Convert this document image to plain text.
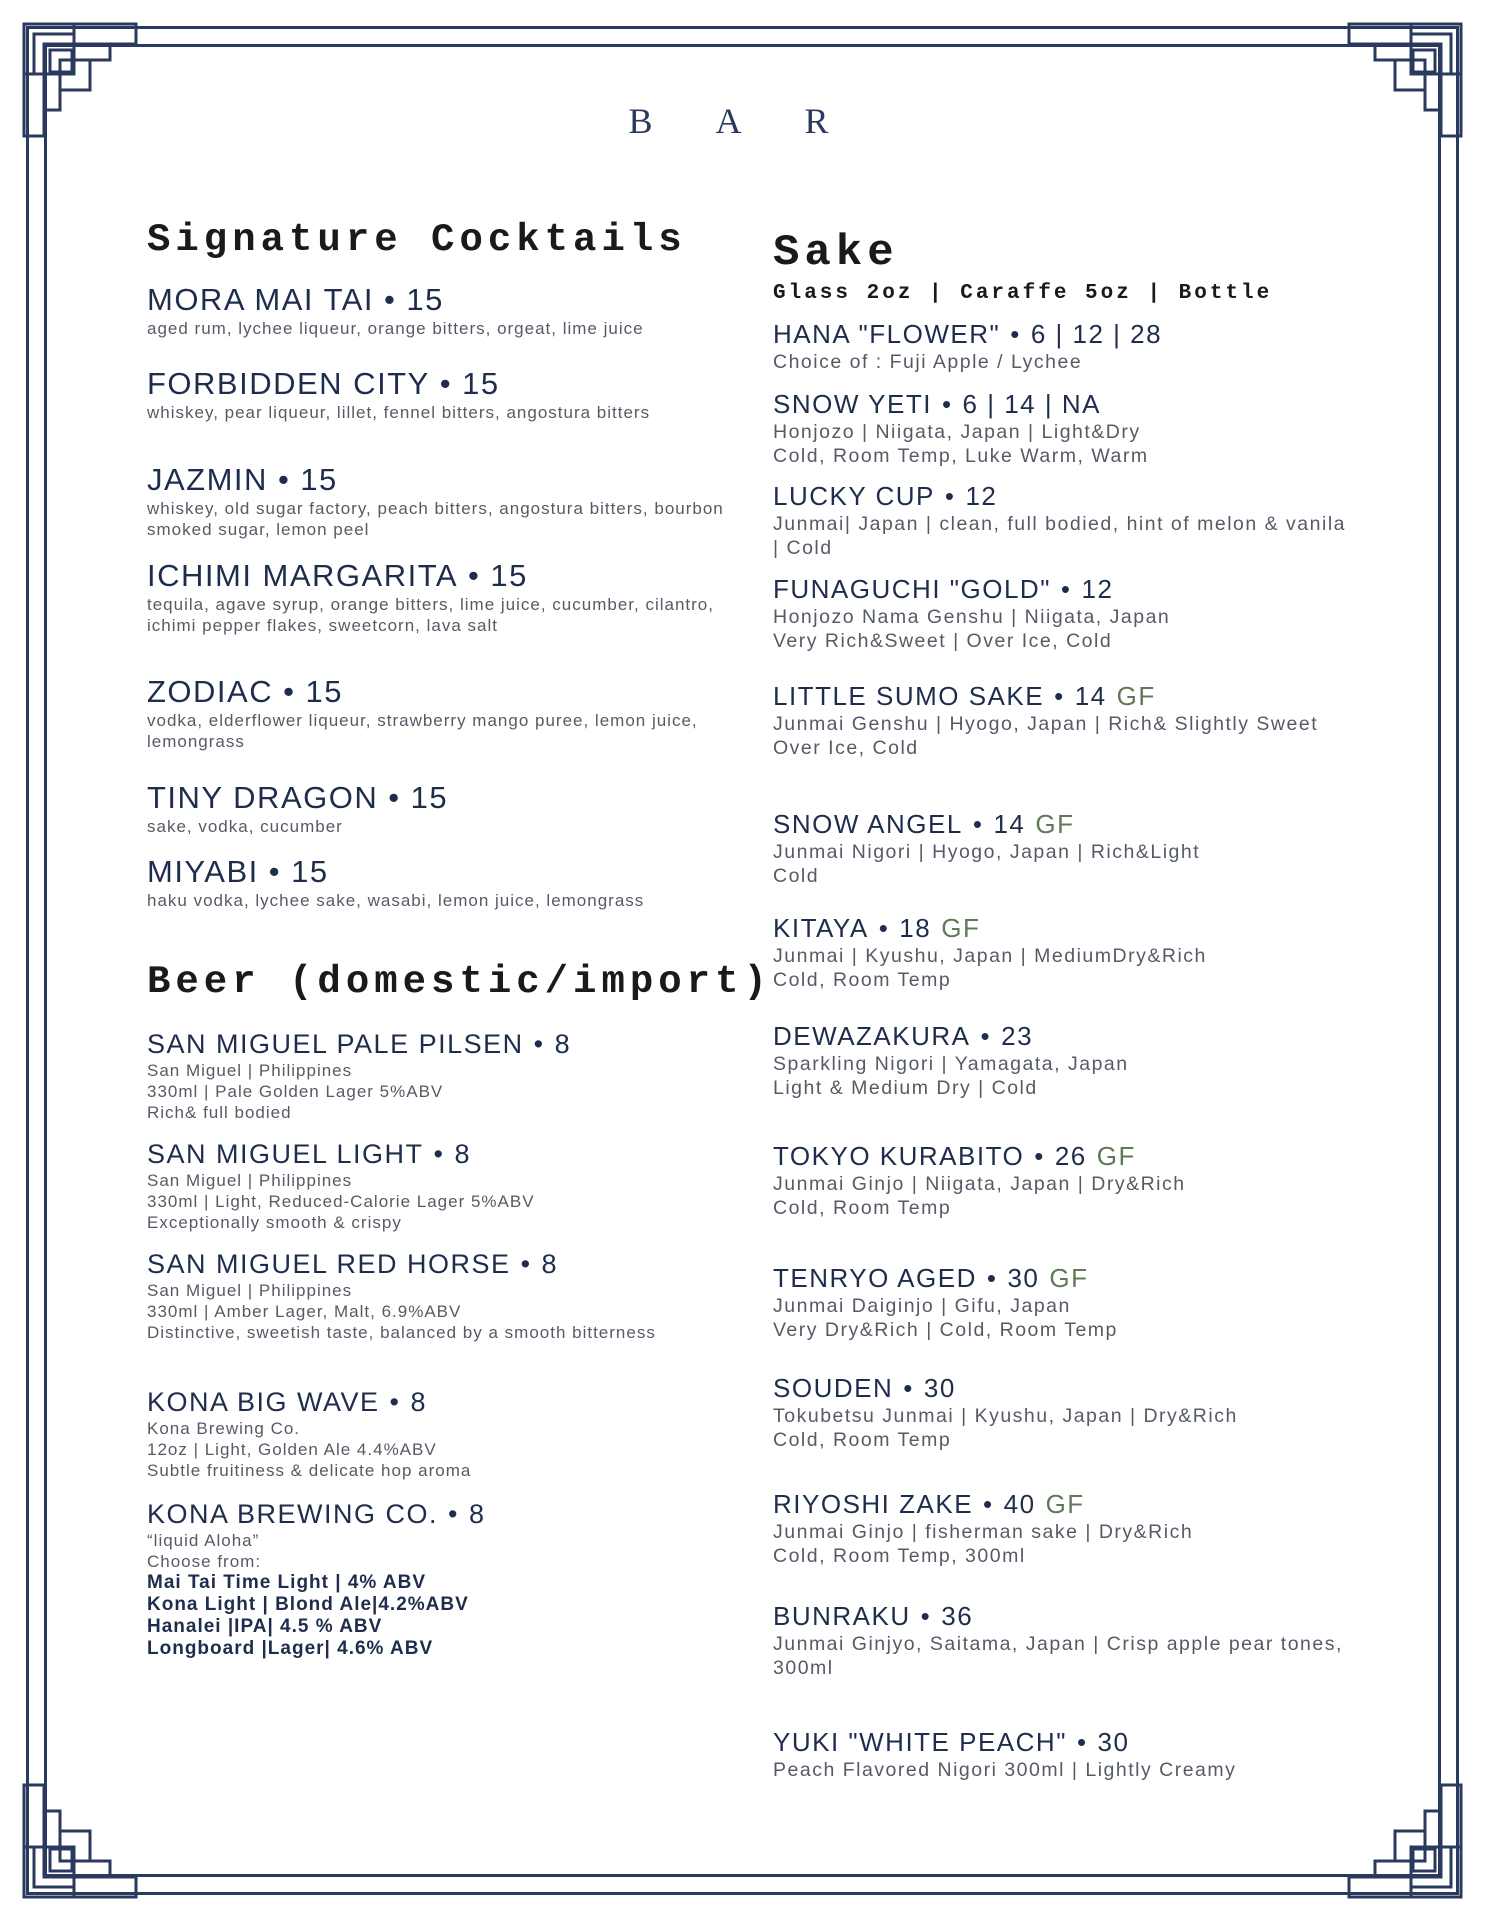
B A R
Signature Cocktails
MORA MAI TAI • 15
aged rum, lychee liqueur, orange bitters, orgeat, lime juice
FORBIDDEN CITY • 15
whiskey, pear liqueur, lillet, fennel bitters, angostura bitters
JAZMIN • 15
whiskey, old sugar factory, peach bitters, angostura bitters, bourbon smoked sugar, lemon peel
ICHIMI MARGARITA • 15
tequila, agave syrup, orange bitters, lime juice, cucumber, cilantro, ichimi pepper flakes, sweetcorn, lava salt
ZODIAC • 15
vodka, elderflower liqueur, strawberry mango puree, lemon juice, lemongrass
TINY DRAGON • 15
sake, vodka, cucumber
MIYABI • 15
haku vodka, lychee sake, wasabi, lemon juice, lemongrass
Beer (domestic/import)
SAN MIGUEL PALE PILSEN • 8
San Miguel | Philippines
330ml | Pale Golden Lager 5%ABV
Rich& full bodied
SAN MIGUEL LIGHT • 8
San Miguel | Philippines
330ml | Light, Reduced-Calorie Lager 5%ABV
Exceptionally smooth & crispy
SAN MIGUEL RED HORSE • 8
San Miguel | Philippines
330ml | Amber Lager, Malt, 6.9%ABV
Distinctive, sweetish taste, balanced by a smooth bitterness
KONA BIG WAVE • 8
Kona Brewing Co.
12oz | Light, Golden Ale 4.4%ABV
Subtle fruitiness & delicate hop aroma
KONA BREWING CO. • 8
“liquid Aloha”
Choose from:
Mai Tai Time Light | 4% ABV
Kona Light | Blond Ale|4.2%ABV
Hanalei |IPA| 4.5 % ABV
Longboard |Lager| 4.6% ABV
Sake
Glass 2oz | Caraffe 5oz | Bottle
HANA "FLOWER" • 6 | 12 | 28
Choice of : Fuji Apple / Lychee
SNOW YETI • 6 | 14 | NA
Honjozo | Niigata, Japan | Light&Dry
Cold, Room Temp, Luke Warm, Warm
LUCKY CUP • 12
Junmai| Japan | clean, full bodied, hint of melon & vanila | Cold
FUNAGUCHI "GOLD" • 12
Honjozo Nama Genshu | Niigata, Japan
Very Rich&Sweet | Over Ice, Cold
LITTLE SUMO SAKE • 14 GF
Junmai Genshu | Hyogo, Japan | Rich& Slightly Sweet
Over Ice, Cold
SNOW ANGEL • 14 GF
Junmai Nigori | Hyogo, Japan | Rich&Light
Cold
KITAYA • 18 GF
Junmai | Kyushu, Japan | MediumDry&Rich
Cold, Room Temp
DEWAZAKURA • 23
Sparkling Nigori | Yamagata, Japan
Light & Medium Dry | Cold
TOKYO KURABITO • 26 GF
Junmai Ginjo | Niigata, Japan | Dry&Rich
Cold, Room Temp
TENRYO AGED • 30 GF
Junmai Daiginjo | Gifu, Japan
Very Dry&Rich | Cold, Room Temp
SOUDEN • 30
Tokubetsu Junmai | Kyushu, Japan | Dry&Rich
Cold, Room Temp
RIYOSHI ZAKE • 40 GF
Junmai Ginjo | fisherman sake | Dry&Rich
Cold, Room Temp, 300ml
BUNRAKU • 36
Junmai Ginjyo, Saitama, Japan | Crisp apple pear tones, 300ml
YUKI "WHITE PEACH" • 30
Peach Flavored Nigori 300ml | Lightly Creamy
